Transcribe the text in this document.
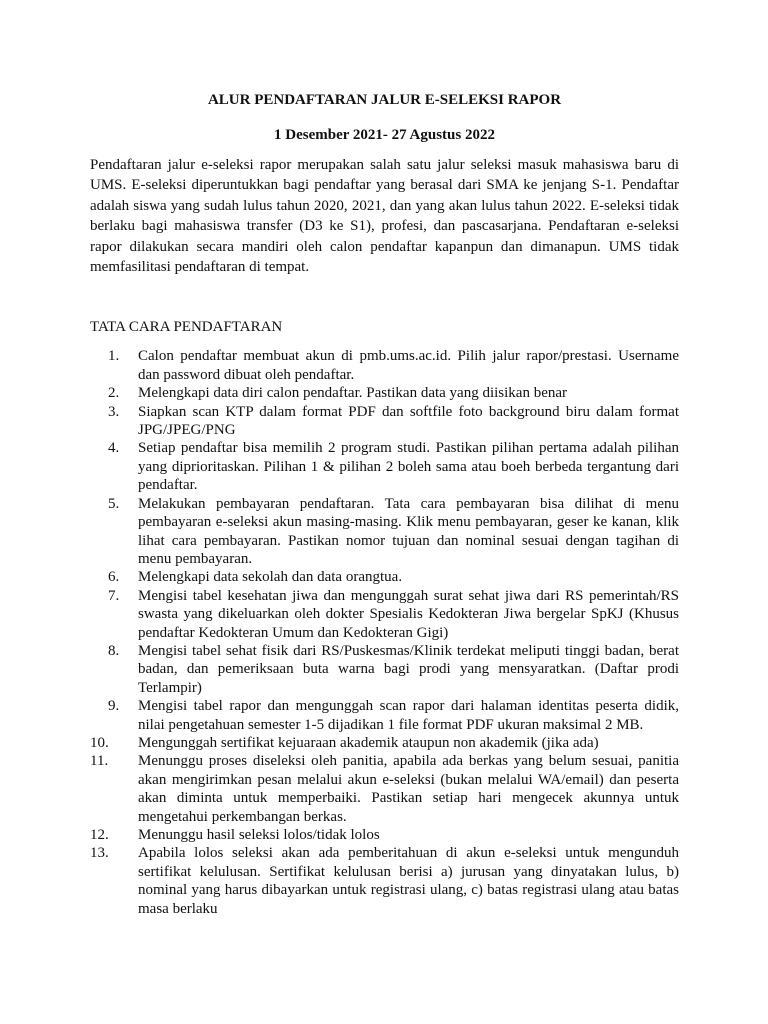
ALUR PENDAFTARAN JALUR E-SELEKSI RAPOR

1 Desember 2021- 27 Agustus 2022

Pendaftaran jalur e-seleksi rapor merupakan salah satu jalur seleksi masuk mahasiswa baru di UMS. E-seleksi diperuntukkan bagi pendaftar yang berasal dari SMA ke jenjang S-1. Pendaftar adalah siswa yang sudah lulus tahun 2020, 2021, dan yang akan lulus tahun 2022. E-seleksi tidak berlaku bagi mahasiswa transfer (D3 ke S1), profesi, dan pascasarjana. Pendaftaran e-seleksi rapor dilakukan secara mandiri oleh calon pendaftar kapanpun dan dimanapun. UMS tidak memfasilitasi pendaftaran di tempat.

TATA CARA PENDAFTARAN

1. Calon pendaftar membuat akun di pmb.ums.ac.id. Pilih jalur rapor/prestasi. Username dan password dibuat oleh pendaftar.
2. Melengkapi data diri calon pendaftar. Pastikan data yang diisikan benar
3. Siapkan scan KTP dalam format PDF dan softfile foto background biru dalam format JPG/JPEG/PNG
4. Setiap pendaftar bisa memilih 2 program studi. Pastikan pilihan pertama adalah pilihan yang diprioritaskan. Pilihan 1 & pilihan 2 boleh sama atau boeh berbeda tergantung dari pendaftar.
5. Melakukan pembayaran pendaftaran. Tata cara pembayaran bisa dilihat di menu pembayaran e-seleksi akun masing-masing. Klik menu pembayaran, geser ke kanan, klik lihat cara pembayaran. Pastikan nomor tujuan dan nominal sesuai dengan tagihan di menu pembayaran.
6. Melengkapi data sekolah dan data orangtua.
7. Mengisi tabel kesehatan jiwa dan mengunggah surat sehat jiwa dari RS pemerintah/RS swasta yang dikeluarkan oleh dokter Spesialis Kedokteran Jiwa bergelar SpKJ (Khusus pendaftar Kedokteran Umum dan Kedokteran Gigi)
8. Mengisi tabel sehat fisik dari RS/Puskesmas/Klinik terdekat meliputi tinggi badan, berat badan, dan pemeriksaan buta warna bagi prodi yang mensyaratkan. (Daftar prodi Terlampir)
9. Mengisi tabel rapor dan mengunggah scan rapor dari halaman identitas peserta didik, nilai pengetahuan semester 1-5 dijadikan 1 file format PDF ukuran maksimal 2 MB.
10. Mengunggah sertifikat kejuaraan akademik ataupun non akademik (jika ada)
11. Menunggu proses diseleksi oleh panitia, apabila ada berkas yang belum sesuai, panitia akan mengirimkan pesan melalui akun e-seleksi (bukan melalui WA/email) dan peserta akan diminta untuk memperbaiki. Pastikan setiap hari mengecek akunnya untuk mengetahui perkembangan berkas.
12. Menunggu hasil seleksi lolos/tidak lolos
13. Apabila lolos seleksi akan ada pemberitahuan di akun e-seleksi untuk mengunduh sertifikat kelulusan. Sertifikat kelulusan berisi a) jurusan yang dinyatakan lulus, b) nominal yang harus dibayarkan untuk registrasi ulang, c) batas registrasi ulang atau batas masa berlaku
